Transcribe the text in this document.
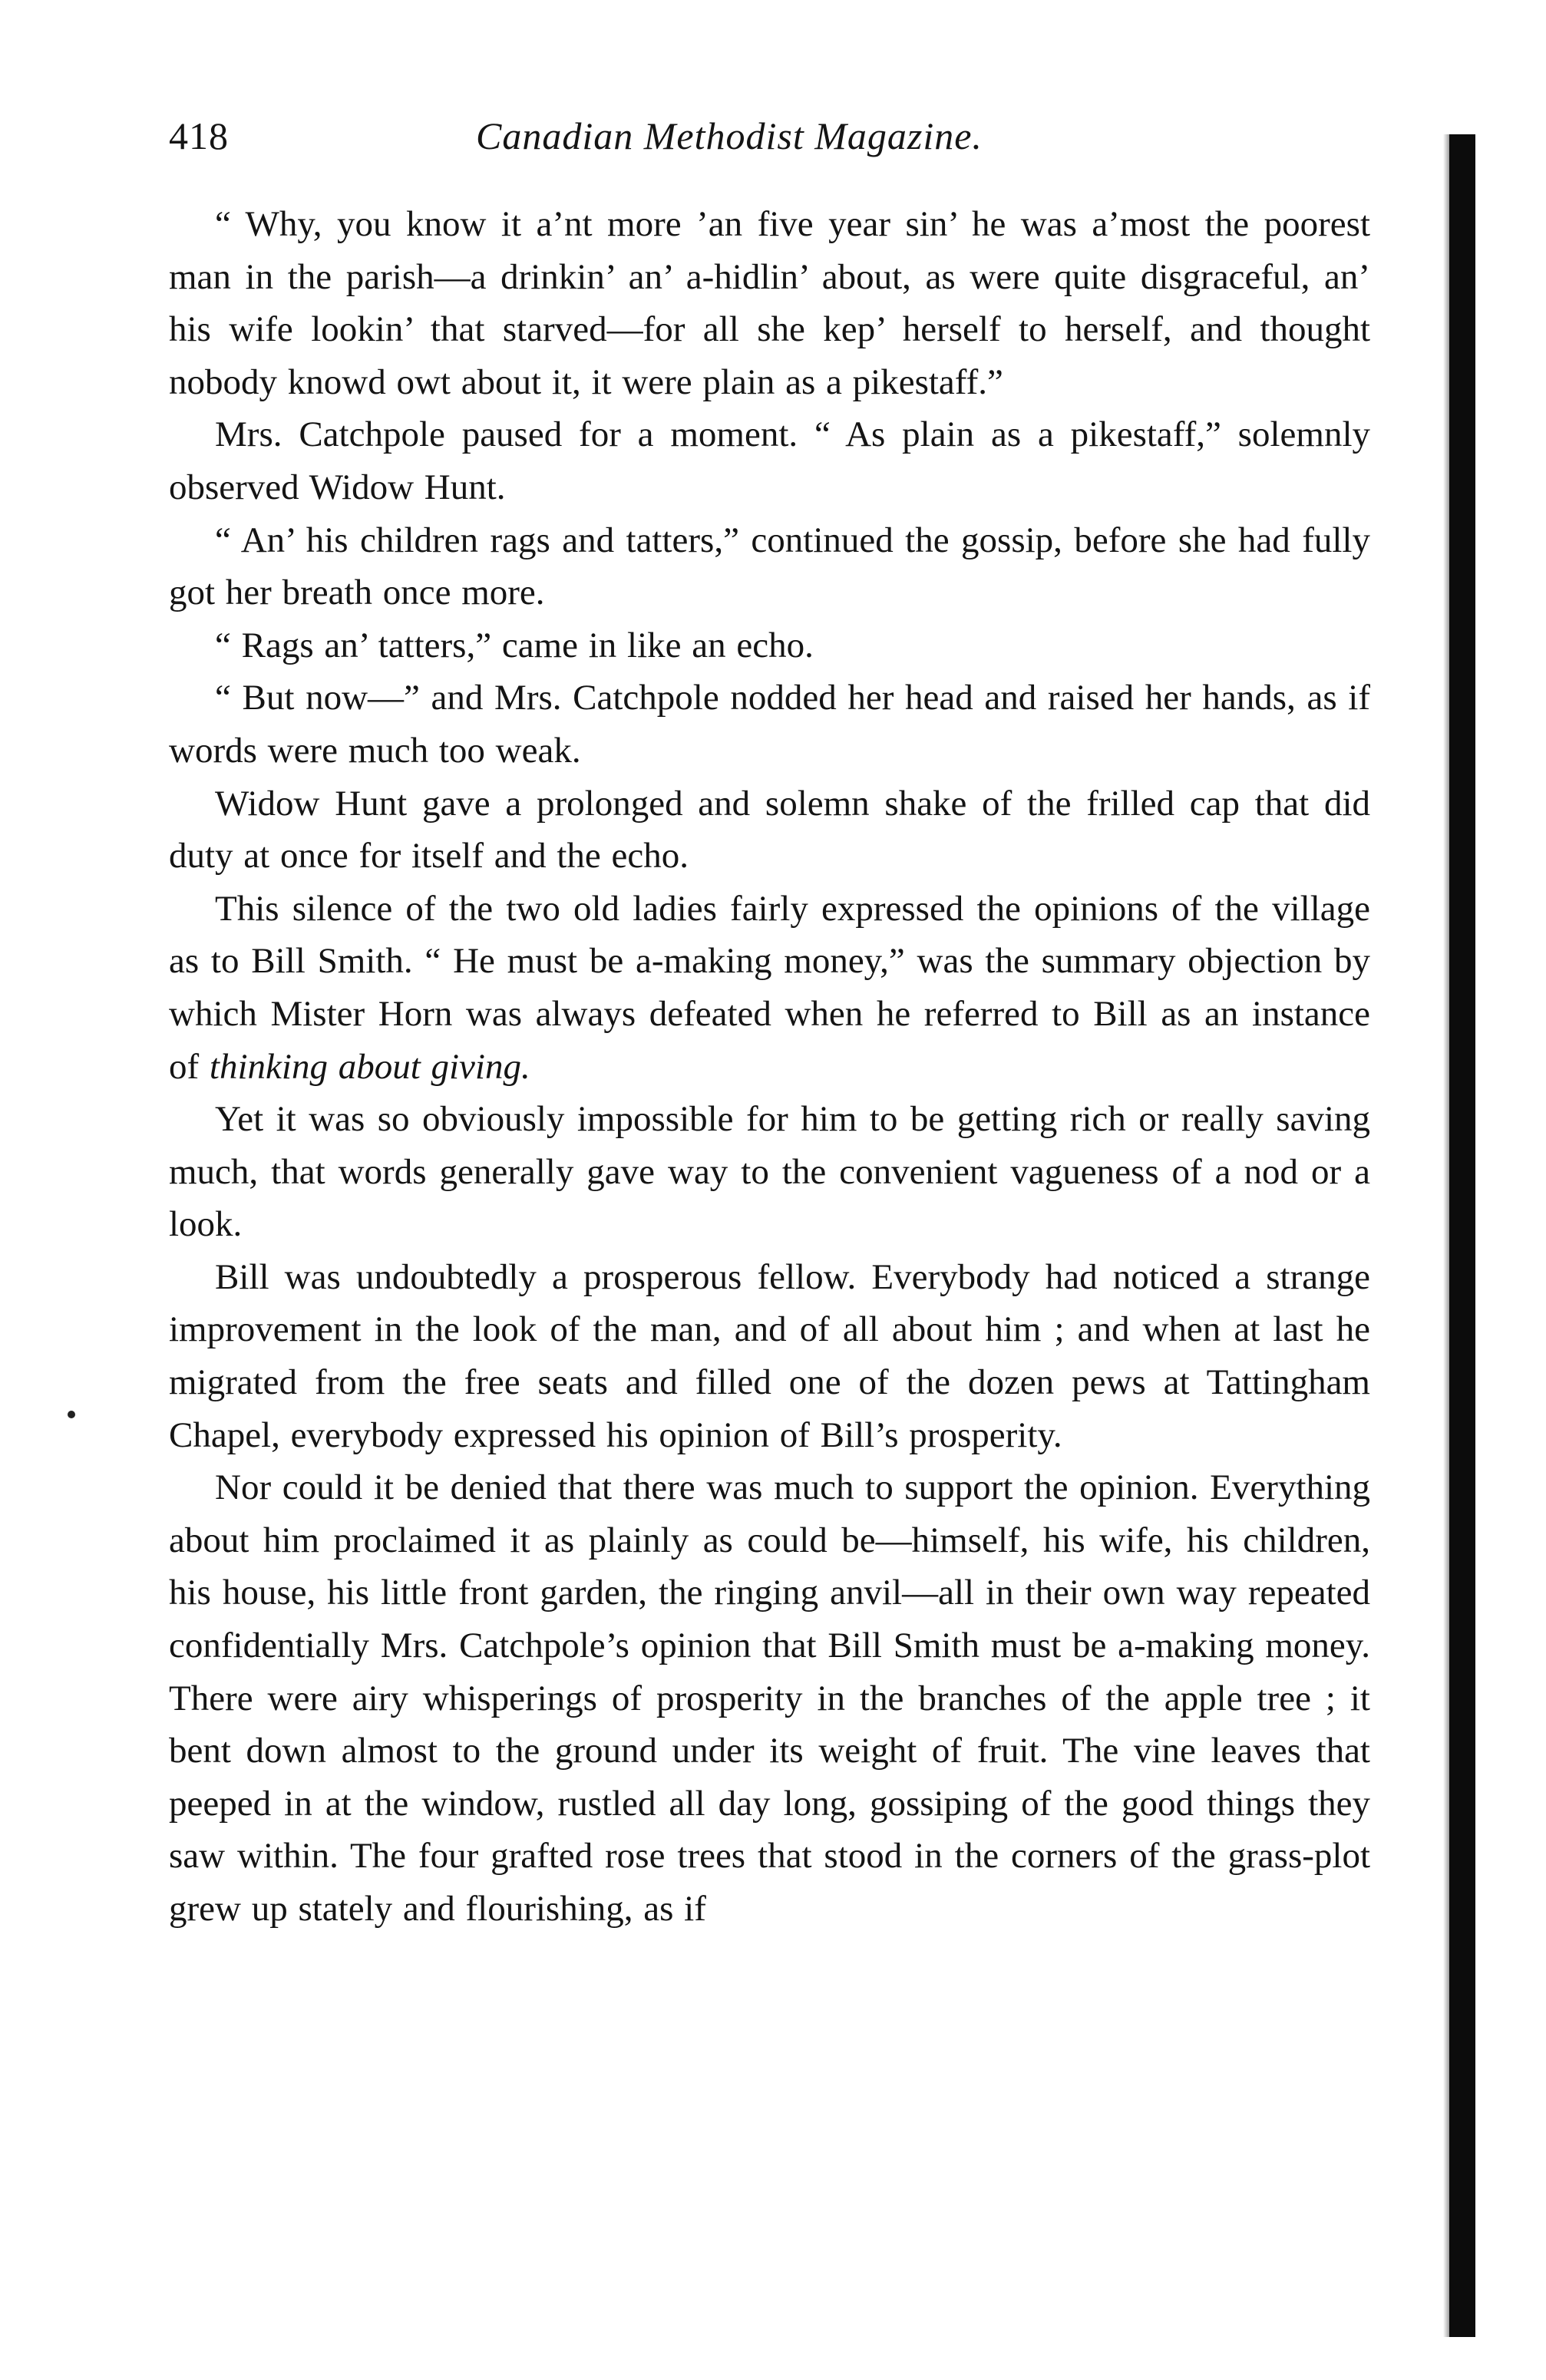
418	Canadian Methodist Magazine.

“ Why, you know it a’nt more ’an five year sin’ he was a’most the poorest man in the parish—a drinkin’ an’ a-hidlin’ about, as were quite disgraceful, an’ his wife lookin’ that starved—for all she kep’ herself to herself, and thought nobody knowd owt about it, it were plain as a pikestaff.”

Mrs. Catchpole paused for a moment. “ As plain as a pikestaff,” solemnly observed Widow Hunt.

“ An’ his children rags and tatters,” continued the gossip, before she had fully got her breath once more.

“ Rags an’ tatters,” came in like an echo.

“ But now—” and Mrs. Catchpole nodded her head and raised her hands, as if words were much too weak.

Widow Hunt gave a prolonged and solemn shake of the frilled cap that did duty at once for itself and the echo.

This silence of the two old ladies fairly expressed the opinions of the village as to Bill Smith. “ He must be a-making money,” was the summary objection by which Mister Horn was always defeated when he referred to Bill as an instance of thinking about giving.

Yet it was so obviously impossible for him to be getting rich or really saving much, that words generally gave way to the convenient vagueness of a nod or a look.

Bill was undoubtedly a prosperous fellow. Everybody had noticed a strange improvement in the look of the man, and of all about him ; and when at last he migrated from the free seats and filled one of the dozen pews at Tattingham Chapel, everybody expressed his opinion of Bill’s prosperity.

Nor could it be denied that there was much to support the opinion. Everything about him proclaimed it as plainly as could be—himself, his wife, his children, his house, his little front garden, the ringing anvil—all in their own way repeated confidentially Mrs. Catchpole’s opinion that Bill Smith must be a-making money. There were airy whisperings of prosperity in the branches of the apple tree ; it bent down almost to the ground under its weight of fruit. The vine leaves that peeped in at the window, rustled all day long, gossiping of the good things they saw within. The four grafted rose trees that stood in the corners of the grass-plot grew up stately and flourishing, as if
